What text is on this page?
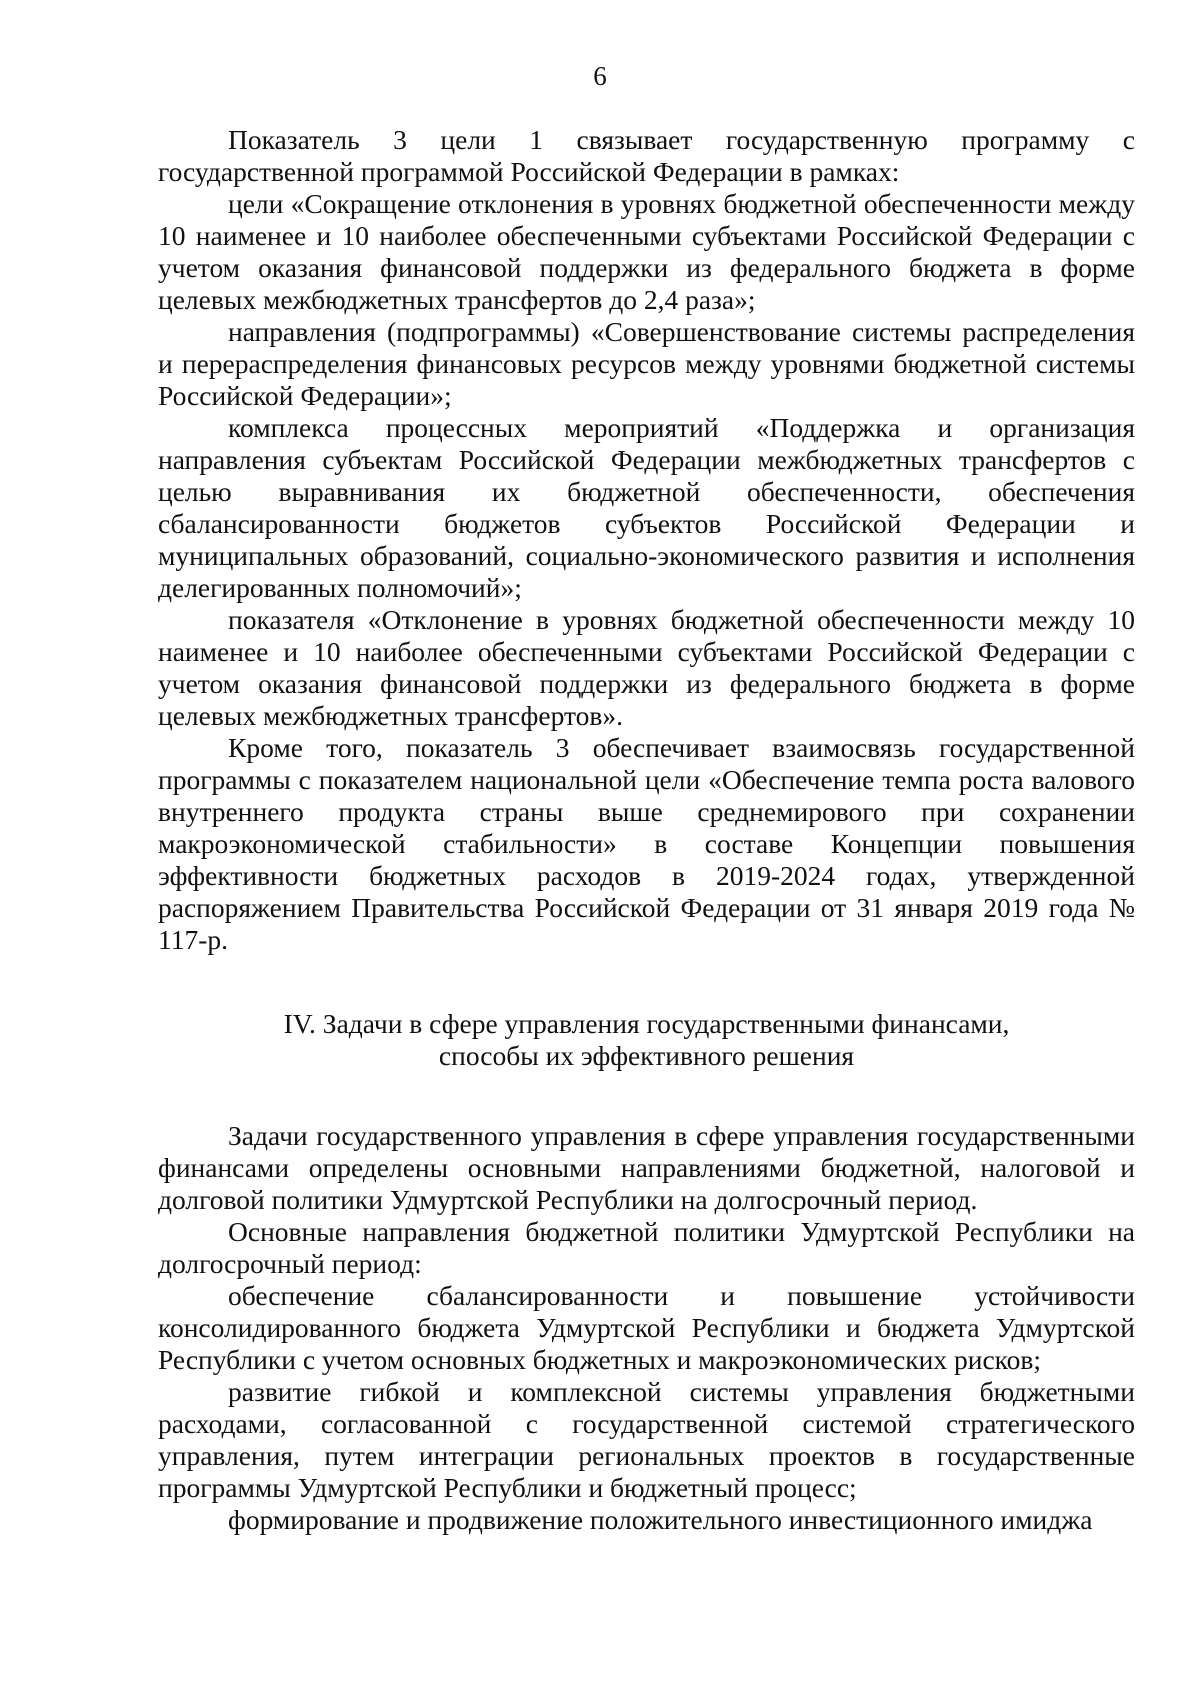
6

Показатель 3 цели 1 связывает государственную программу с государственной программой Российской Федерации в рамках:

цели «Сокращение отклонения в уровнях бюджетной обеспеченности между 10 наименее и 10 наиболее обеспеченными субъектами Российской Федерации с учетом оказания финансовой поддержки из федерального бюджета в форме целевых межбюджетных трансфертов до 2,4 раза»;

направления (подпрограммы) «Совершенствование системы распределения и перераспределения финансовых ресурсов между уровнями бюджетной системы Российской Федерации»;

комплекса процессных мероприятий «Поддержка и организация направления субъектам Российской Федерации межбюджетных трансфертов с целью выравнивания их бюджетной обеспеченности, обеспечения сбалансированности бюджетов субъектов Российской Федерации и муниципальных образований, социально-экономического развития и исполнения делегированных полномочий»;

показателя «Отклонение в уровнях бюджетной обеспеченности между 10 наименее и 10 наиболее обеспеченными субъектами Российской Федерации с учетом оказания финансовой поддержки из федерального бюджета в форме целевых межбюджетных трансфертов».

Кроме того, показатель 3 обеспечивает взаимосвязь государственной программы с показателем национальной цели «Обеспечение темпа роста валового внутреннего продукта страны выше среднемирового при сохранении макроэкономической стабильности» в составе Концепции повышения эффективности бюджетных расходов в 2019-2024 годах, утвержденной распоряжением Правительства Российской Федерации от 31 января 2019 года № 117-р.

IV. Задачи в сфере управления государственными финансами,
способы их эффективного решения

Задачи государственного управления в сфере управления государственными финансами определены основными направлениями бюджетной, налоговой и долговой политики Удмуртской Республики на долгосрочный период.

Основные направления бюджетной политики Удмуртской Республики на долгосрочный период:

обеспечение сбалансированности и повышение устойчивости консолидированного бюджета Удмуртской Республики и бюджета Удмуртской Республики с учетом основных бюджетных и макроэкономических рисков;

развитие гибкой и комплексной системы управления бюджетными расходами, согласованной с государственной системой стратегического управления, путем интеграции региональных проектов в государственные программы Удмуртской Республики и бюджетный процесс;

формирование и продвижение положительного инвестиционного имиджа
